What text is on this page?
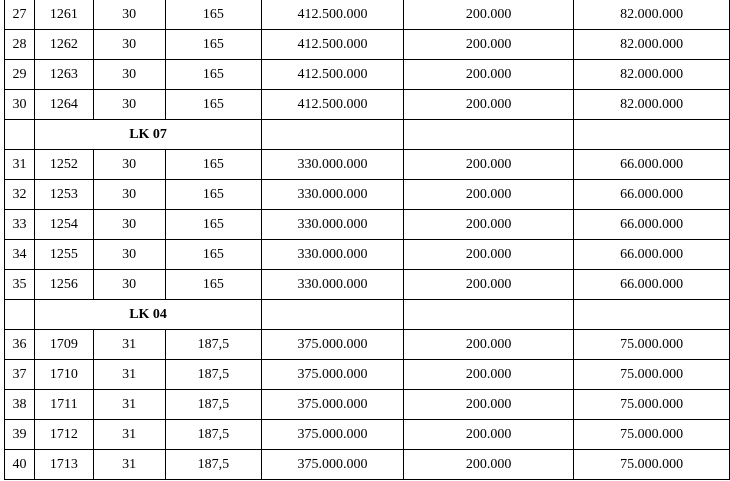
27	1261	30	165	412.500.000	200.000	82.000.000
28	1262	30	165	412.500.000	200.000	82.000.000
29	1263	30	165	412.500.000	200.000	82.000.000
30	1264	30	165	412.500.000	200.000	82.000.000
	LK 07					
31	1252	30	165	330.000.000	200.000	66.000.000
32	1253	30	165	330.000.000	200.000	66.000.000
33	1254	30	165	330.000.000	200.000	66.000.000
34	1255	30	165	330.000.000	200.000	66.000.000
35	1256	30	165	330.000.000	200.000	66.000.000
	LK 04					
36	1709	31	187,5	375.000.000	200.000	75.000.000
37	1710	31	187,5	375.000.000	200.000	75.000.000
38	1711	31	187,5	375.000.000	200.000	75.000.000
39	1712	31	187,5	375.000.000	200.000	75.000.000
40	1713	31	187,5	375.000.000	200.000	75.000.000
